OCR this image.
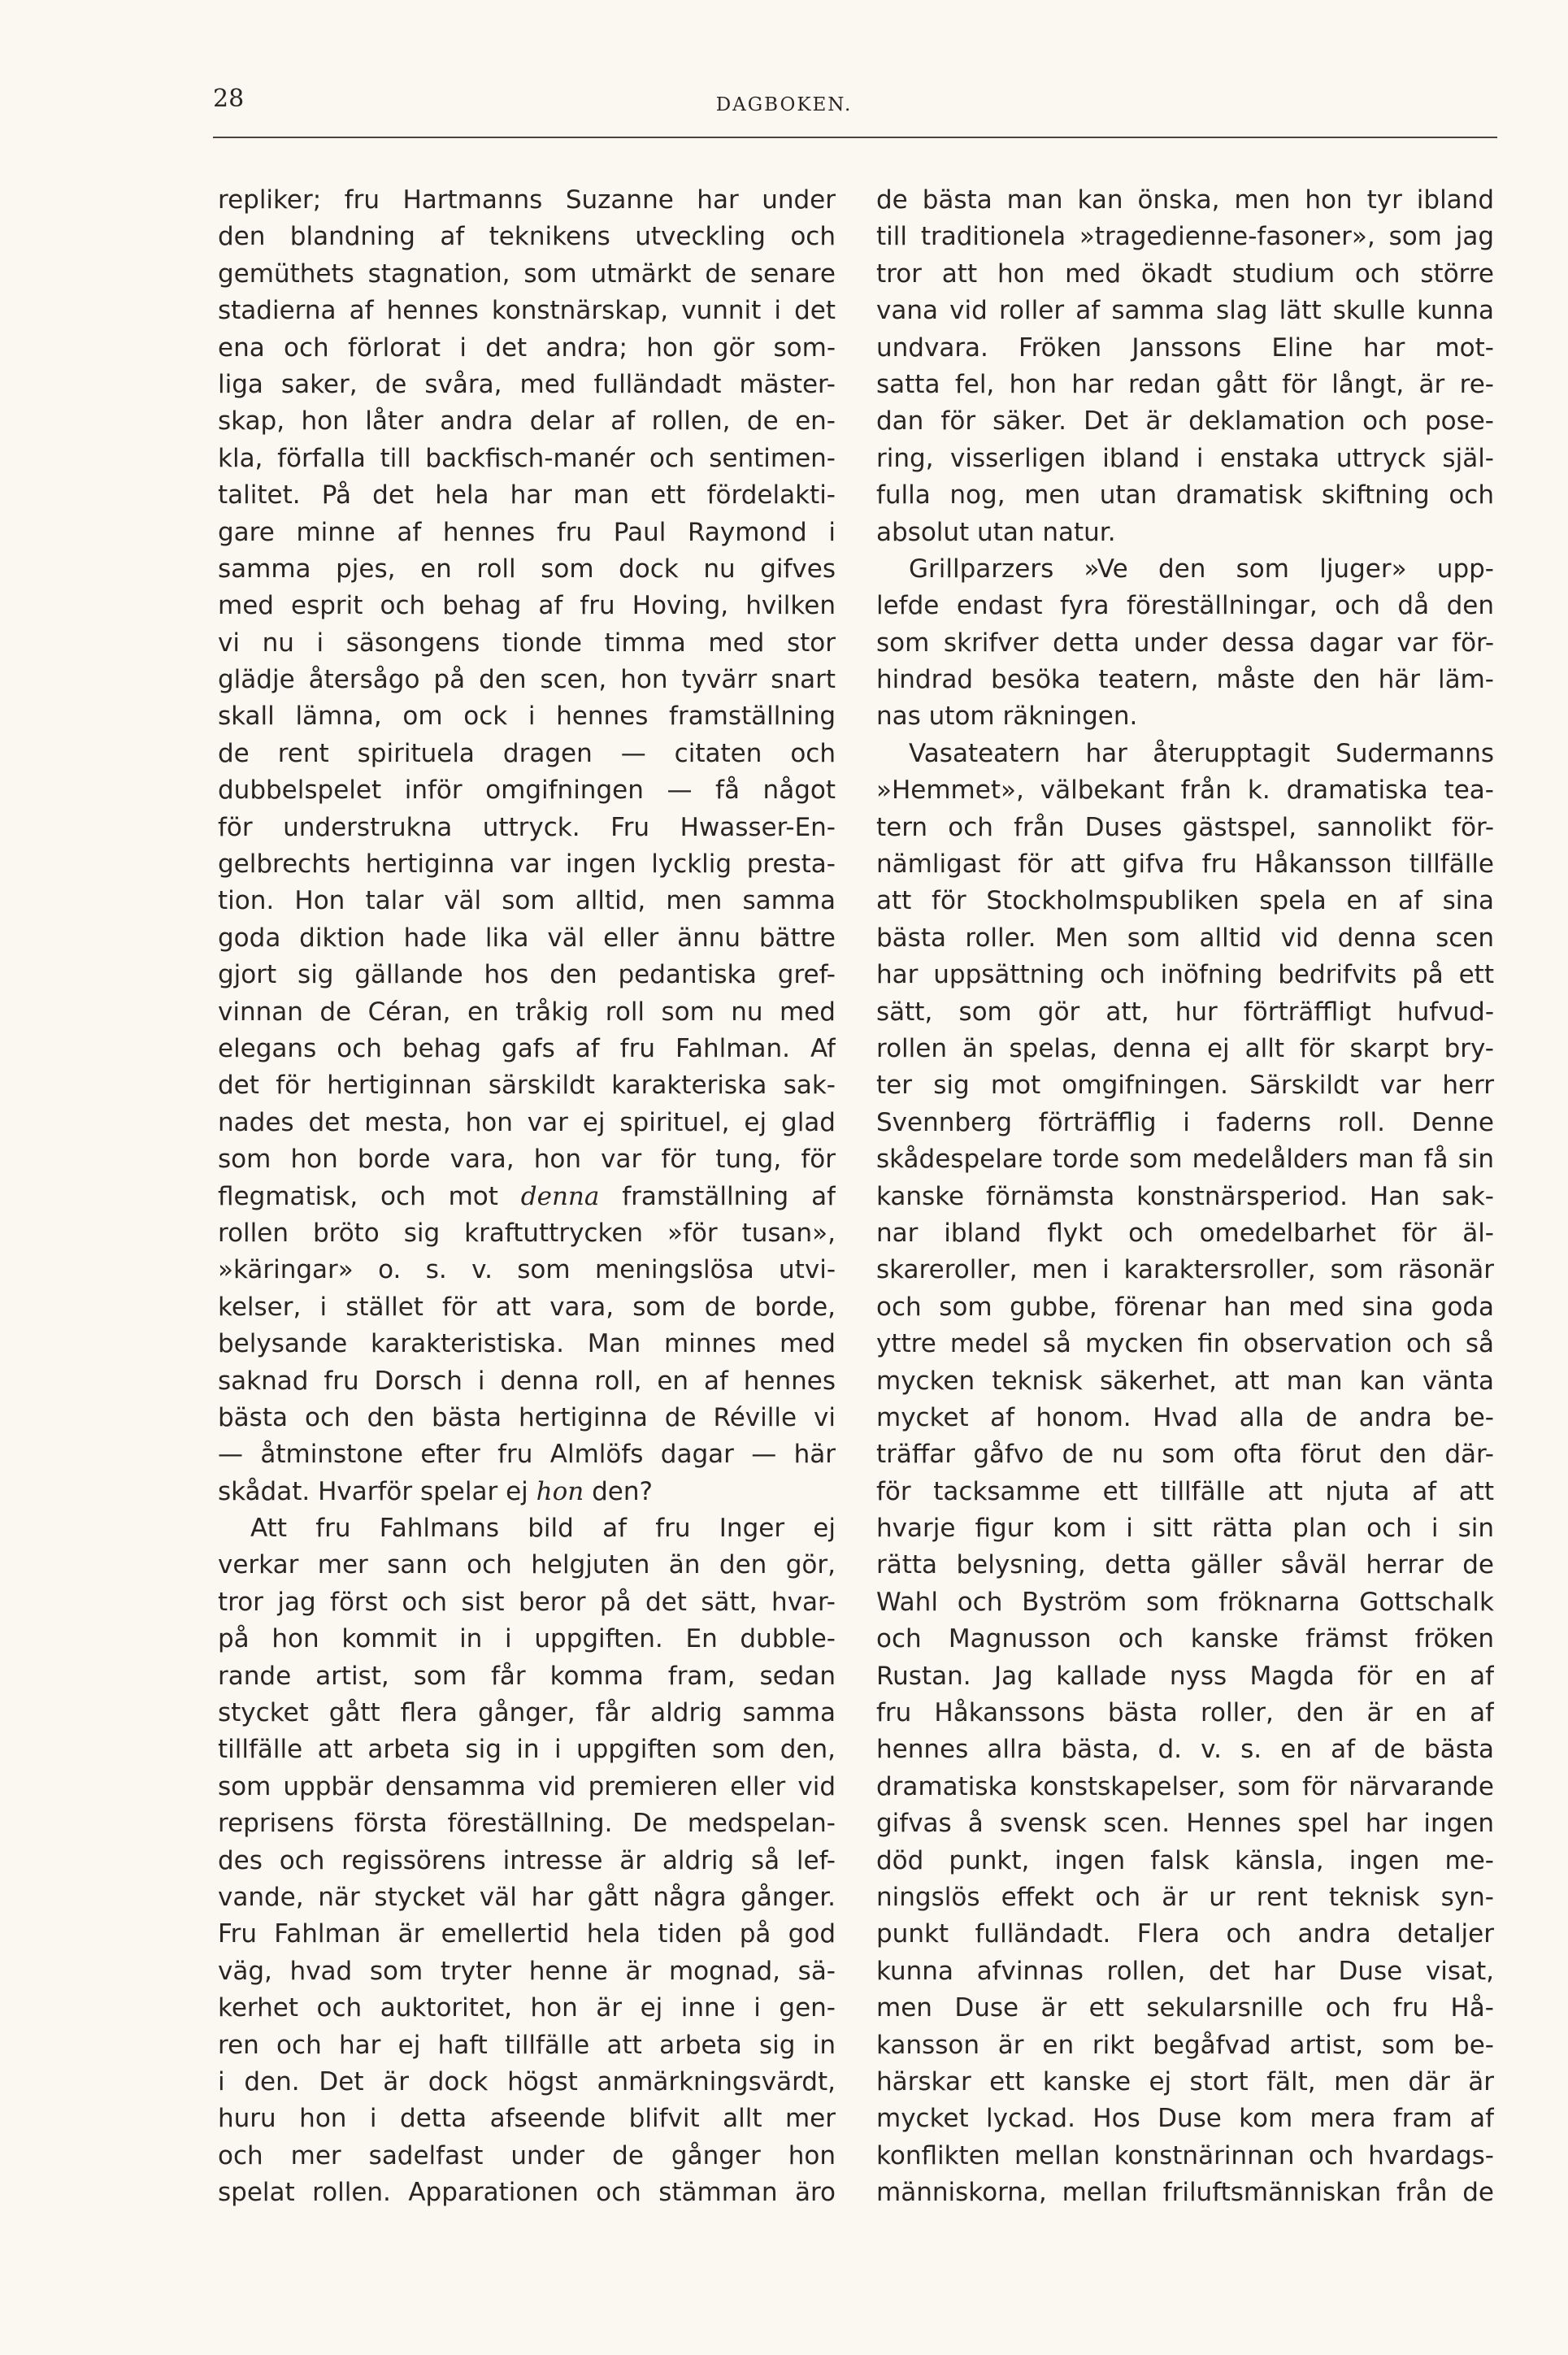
28	DAGBOKEN.
repliker; fru Hartmanns Suzanne har under
den blandning af teknikens utveckling och
gemüthets stagnation, som utmärkt de senare
stadierna af hennes konstnärskap, vunnit i det
ena och förlorat i det andra; hon gör som-
liga saker, de svåra, med fulländadt mäster-
skap, hon låter andra delar af rollen, de en-
kla, förfalla till backfisch-manér och sentimen-
talitet. På det hela har man ett fördelakti-
gare minne af hennes fru Paul Raymond i
samma pjes, en roll som dock nu gifves
med esprit och behag af fru Hoving, hvilken
vi nu i säsongens tionde timma med stor
glädje återsågo på den scen, hon tyvärr snart
skall lämna, om ock i hennes framställning
de rent spirituela dragen — citaten och
dubbelspelet inför omgifningen — få något
för understrukna uttryck. Fru Hwasser-En-
gelbrechts hertiginna var ingen lycklig presta-
tion. Hon talar väl som alltid, men samma
goda diktion hade lika väl eller ännu bättre
gjort sig gällande hos den pedantiska gref-
vinnan de Céran, en tråkig roll som nu med
elegans och behag gafs af fru Fahlman. Af
det för hertiginnan särskildt karakteriska sak-
nades det mesta, hon var ej spirituel, ej glad
som hon borde vara, hon var för tung, för
flegmatisk, och mot denna framställning af
rollen bröto sig kraftuttrycken »för tusan»,
»käringar» o. s. v. som meningslösa utvi-
kelser, i stället för att vara, som de borde,
belysande karakteristiska. Man minnes med
saknad fru Dorsch i denna roll, en af hennes
bästa och den bästa hertiginna de Réville vi
— åtminstone efter fru Almlöfs dagar — här
skådat. Hvarför spelar ej hon den?
Att fru Fahlmans bild af fru Inger ej
verkar mer sann och helgjuten än den gör,
tror jag först och sist beror på det sätt, hvar-
på hon kommit in i uppgiften. En dubble-
rande artist, som får komma fram, sedan
stycket gått flera gånger, får aldrig samma
tillfälle att arbeta sig in i uppgiften som den,
som uppbär densamma vid premieren eller vid
reprisens första föreställning. De medspelan-
des och regissörens intresse är aldrig så lef-
vande, när stycket väl har gått några gånger.
Fru Fahlman är emellertid hela tiden på god
väg, hvad som tryter henne är mognad, sä-
kerhet och auktoritet, hon är ej inne i gen-
ren och har ej haft tillfälle att arbeta sig in
i den. Det är dock högst anmärkningsvärdt,
huru hon i detta afseende blifvit allt mer
och mer sadelfast under de gånger hon
spelat rollen. Apparationen och stämman äro
de bästa man kan önska, men hon tyr ibland
till traditionela »tragedienne-fasoner», som jag
tror att hon med ökadt studium och större
vana vid roller af samma slag lätt skulle kunna
undvara. Fröken Janssons Eline har mot-
satta fel, hon har redan gått för långt, är re-
dan för säker. Det är deklamation och pose-
ring, visserligen ibland i enstaka uttryck själ-
fulla nog, men utan dramatisk skiftning och
absolut utan natur.
Grillparzers »Ve den som ljuger» upp-
lefde endast fyra föreställningar, och då den
som skrifver detta under dessa dagar var för-
hindrad besöka teatern, måste den här läm-
nas utom räkningen.
Vasateatern har återupptagit Sudermanns
»Hemmet», välbekant från k. dramatiska tea-
tern och från Duses gästspel, sannolikt för-
nämligast för att gifva fru Håkansson tillfälle
att för Stockholmspubliken spela en af sina
bästa roller. Men som alltid vid denna scen
har uppsättning och inöfning bedrifvits på ett
sätt, som gör att, hur förträffligt hufvud-
rollen än spelas, denna ej allt för skarpt bry-
ter sig mot omgifningen. Särskildt var herr
Svennberg förträfflig i faderns roll. Denne
skådespelare torde som medelålders man få sin
kanske förnämsta konstnärsperiod. Han sak-
nar ibland flykt och omedelbarhet för äl-
skareroller, men i karaktersroller, som räsonär
och som gubbe, förenar han med sina goda
yttre medel så mycken fin observation och så
mycken teknisk säkerhet, att man kan vänta
mycket af honom. Hvad alla de andra be-
träffar gåfvo de nu som ofta förut den där-
för tacksamme ett tillfälle att njuta af att
hvarje figur kom i sitt rätta plan och i sin
rätta belysning, detta gäller såväl herrar de
Wahl och Byström som fröknarna Gottschalk
och Magnusson och kanske främst fröken
Rustan. Jag kallade nyss Magda för en af
fru Håkanssons bästa roller, den är en af
hennes allra bästa, d. v. s. en af de bästa
dramatiska konstskapelser, som för närvarande
gifvas å svensk scen. Hennes spel har ingen
död punkt, ingen falsk känsla, ingen me-
ningslös effekt och är ur rent teknisk syn-
punkt fulländadt. Flera och andra detaljer
kunna afvinnas rollen, det har Duse visat,
men Duse är ett sekularsnille och fru Hå-
kansson är en rikt begåfvad artist, som be-
härskar ett kanske ej stort fält, men där är
mycket lyckad. Hos Duse kom mera fram af
konflikten mellan konstnärinnan och hvardags-
människorna, mellan friluftsmänniskan från de
